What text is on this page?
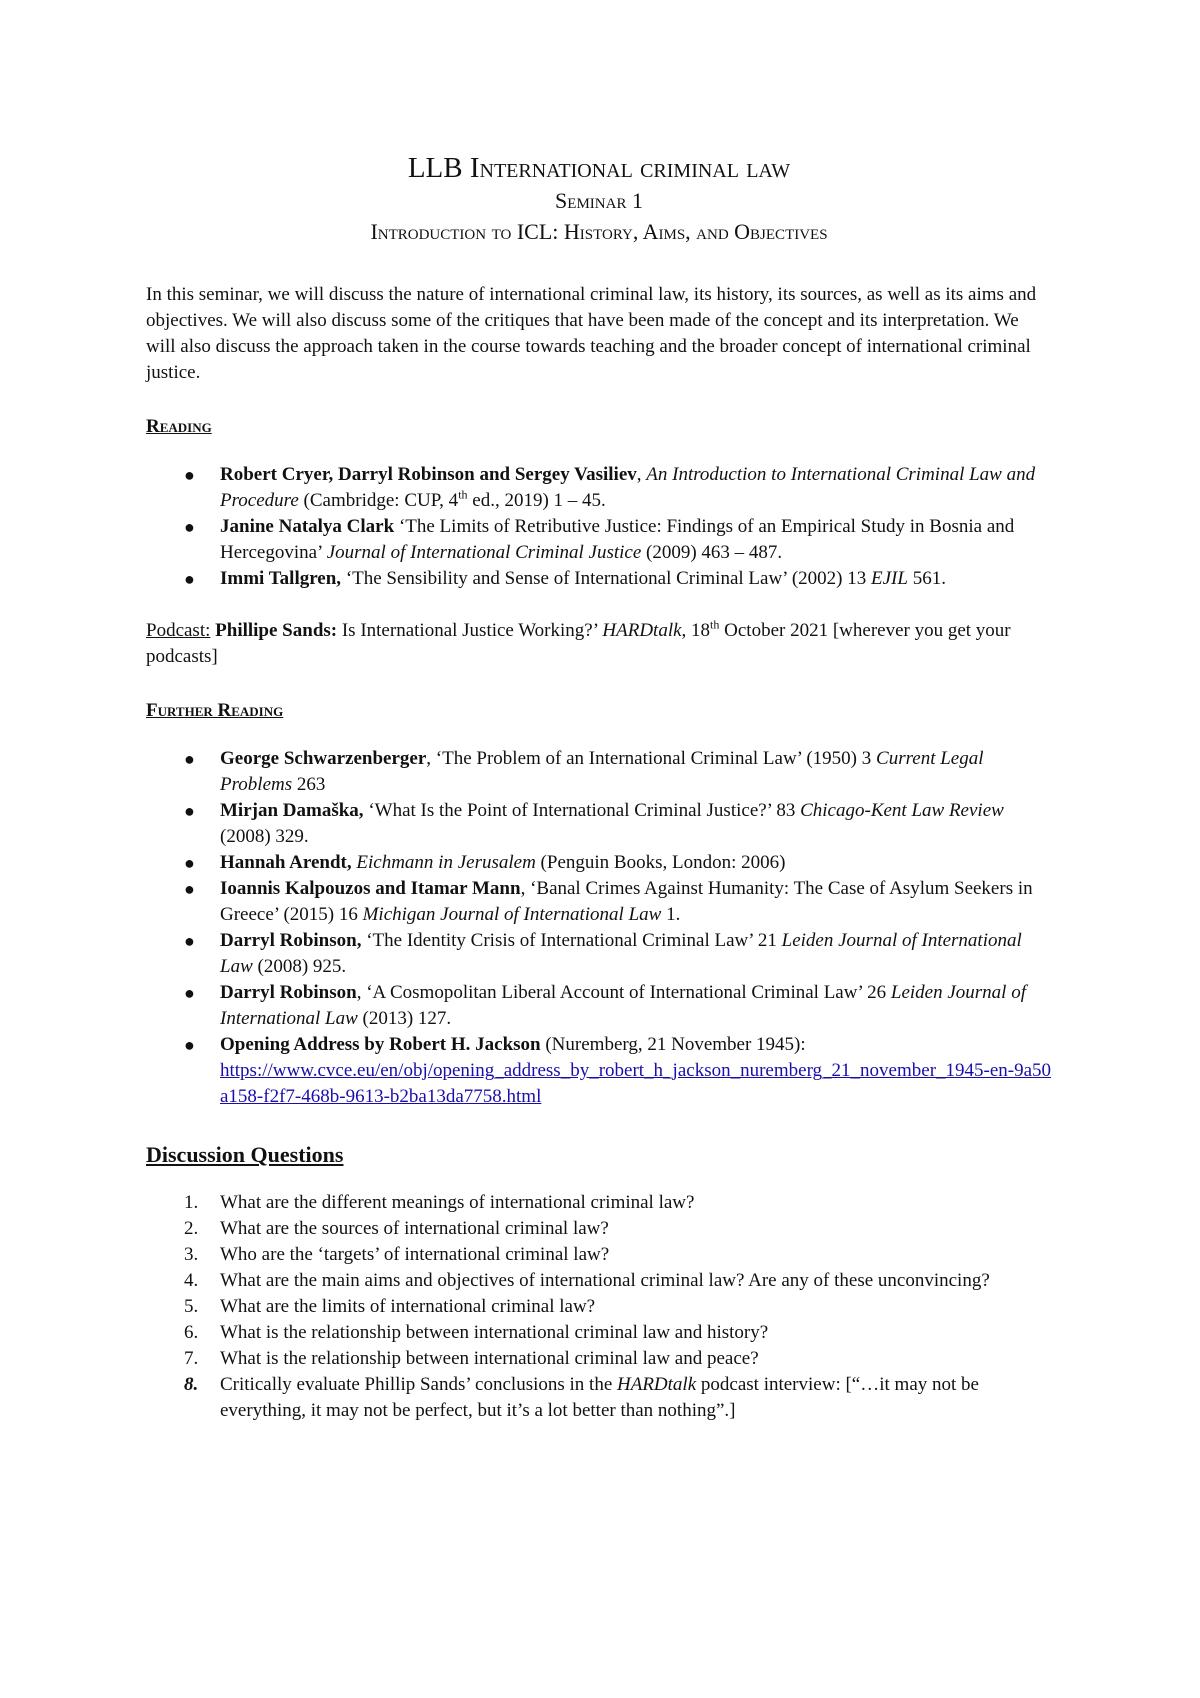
LLB International criminal law

Seminar 1

Introduction to ICL: History, Aims, and Objectives

In this seminar, we will discuss the nature of international criminal law, its history, its sources, as well as its aims and objectives. We will also discuss some of the critiques that have been made of the concept and its interpretation. We will also discuss the approach taken in the course towards teaching and the broader concept of international criminal justice.

Reading

● Robert Cryer, Darryl Robinson and Sergey Vasiliev, An Introduction to International Criminal Law and Procedure (Cambridge: CUP, 4th ed., 2019) 1 – 45.
● Janine Natalya Clark ‘The Limits of Retributive Justice: Findings of an Empirical Study in Bosnia and Hercegovina’ Journal of International Criminal Justice (2009) 463 – 487.
● Immi Tallgren, ‘The Sensibility and Sense of International Criminal Law’ (2002) 13 EJIL 561.

Podcast: Phillipe Sands: Is International Justice Working?’ HARDtalk, 18th October 2021 [wherever you get your podcasts]

Further Reading

● George Schwarzenberger, ‘The Problem of an International Criminal Law’ (1950) 3 Current Legal Problems 263
● Mirjan Damaška, ‘What Is the Point of International Criminal Justice?’ 83 Chicago-Kent Law Review (2008) 329.
● Hannah Arendt, Eichmann in Jerusalem (Penguin Books, London: 2006)
● Ioannis Kalpouzos and Itamar Mann, ‘Banal Crimes Against Humanity: The Case of Asylum Seekers in Greece’ (2015) 16 Michigan Journal of International Law 1.
● Darryl Robinson, ‘The Identity Crisis of International Criminal Law’ 21 Leiden Journal of International Law (2008) 925.
● Darryl Robinson, ‘A Cosmopolitan Liberal Account of International Criminal Law’ 26 Leiden Journal of International Law (2013) 127.
● Opening Address by Robert H. Jackson (Nuremberg, 21 November 1945):
https://www.cvce.eu/en/obj/opening_address_by_robert_h_jackson_nuremberg_21_november_1945-en-9a50a158-f2f7-468b-9613-b2ba13da7758.html

Discussion Questions

1. What are the different meanings of international criminal law?
2. What are the sources of international criminal law?
3. Who are the ‘targets’ of international criminal law?
4. What are the main aims and objectives of international criminal law? Are any of these unconvincing?
5. What are the limits of international criminal law?
6. What is the relationship between international criminal law and history?
7. What is the relationship between international criminal law and peace?
8. Critically evaluate Phillip Sands’ conclusions in the HARDtalk podcast interview: [“…it may not be everything, it may not be perfect, but it’s a lot better than nothing”.]
